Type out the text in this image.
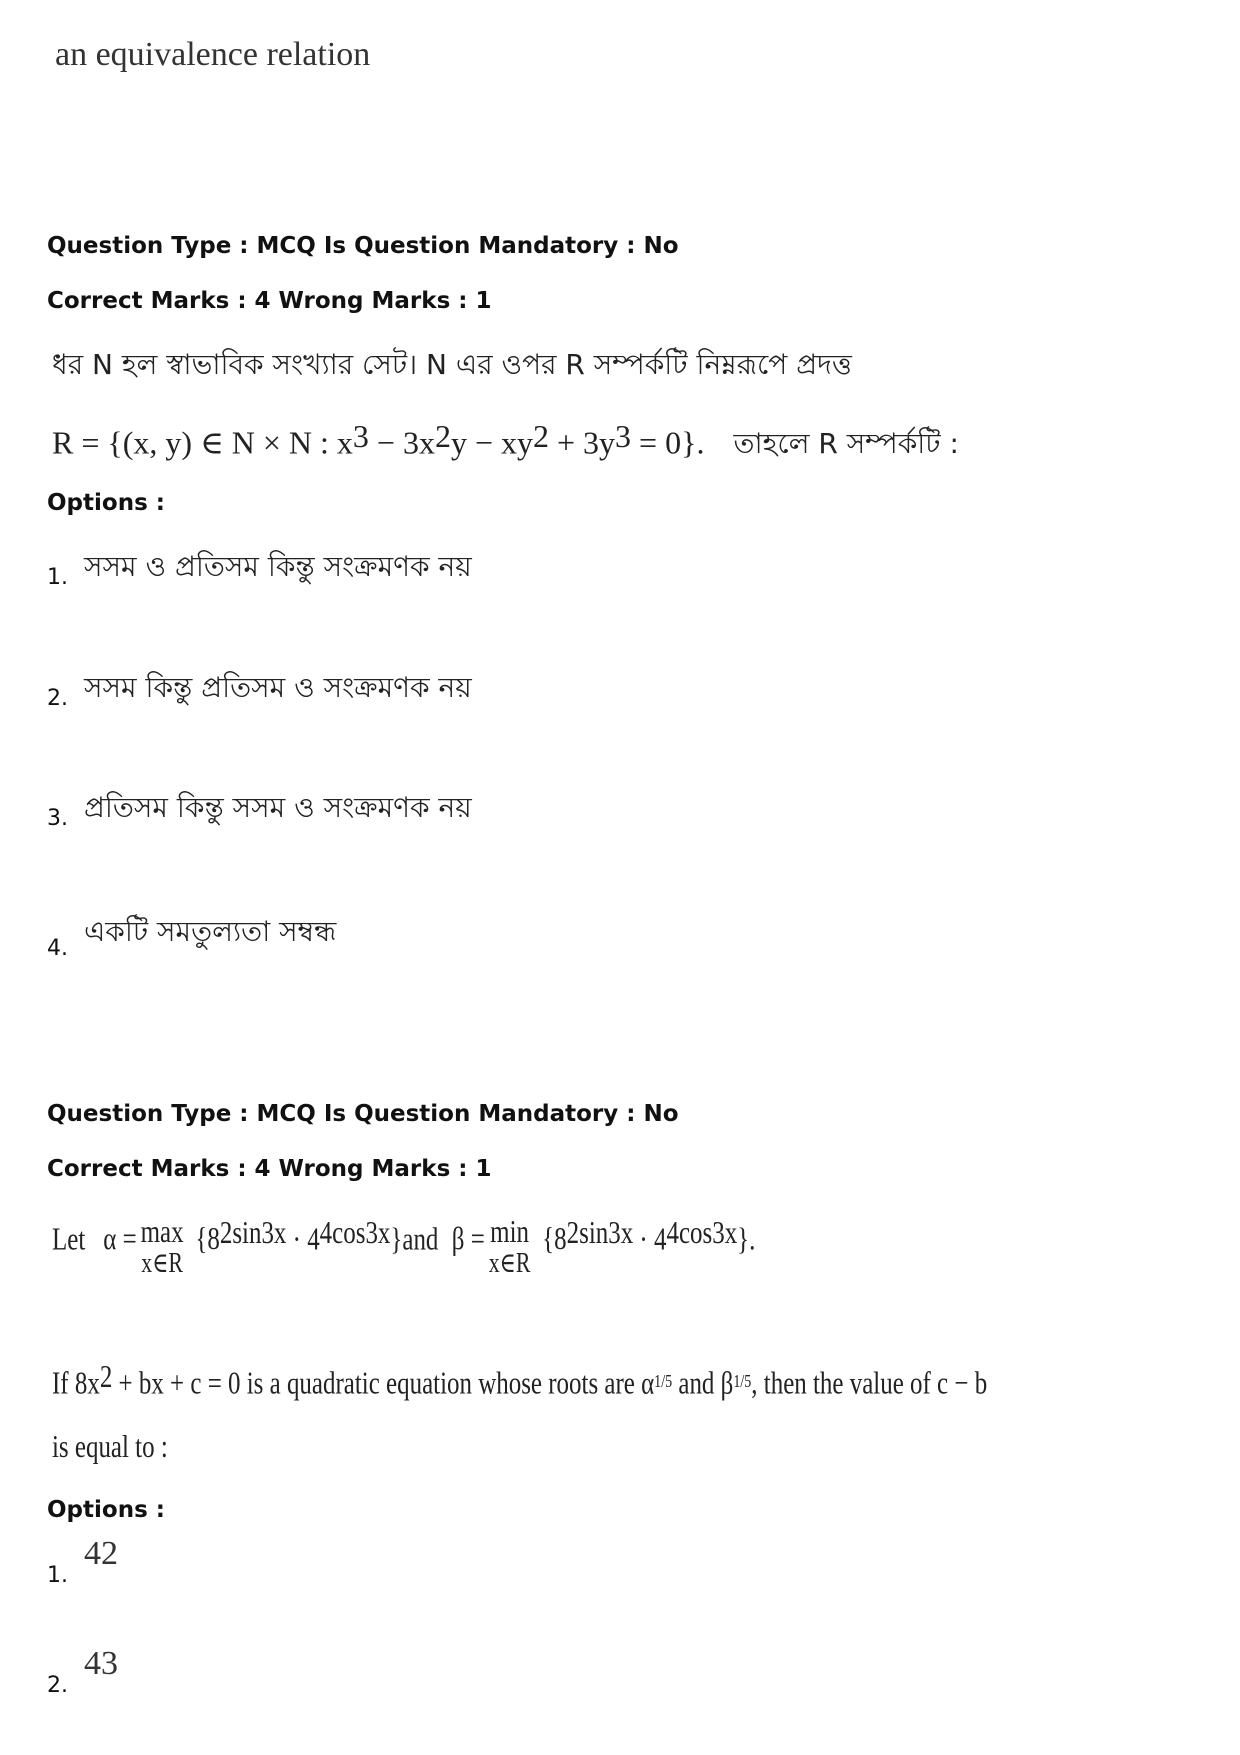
an equivalence relation
Question Type : MCQ Is Question Mandatory : No
Correct Marks : 4 Wrong Marks : 1
ধর N হল স্বাভাবিক সংখ্যার সেট। N এর ওপর R সম্পর্কটি নিম্নরূপে প্রদত্ত
R = {(x, y) ∈ N × N : $x^3 - 3x^2y - xy^2 + 3y^3 = 0$}. তাহলে R সম্পর্কটি :
Options :
1. সসম ও প্রতিসম কিন্তু সংক্রমণক নয়
2. সসম কিন্তু প্রতিসম ও সংক্রমণক নয়
3. প্রতিসম কিন্তু সসম ও সংক্রমণক নয়
4.
একটি সমতুল্যতা সম্বন্ধ
Question Type : MCQ Is Question Mandatory : No
Correct Marks : 4 Wrong Marks : 1
Let α = max
x∈R
$\{8^{2sin3x} \cdot 4^{4cos3x}\}and$ β = min
x∈R
$\{8^{2sin3x} \cdot 4^{4cos3x}\}$.
If $8x^2$ + bx + c = 0 is a quadratic equation whose roots are α1/5 and β1/5, then the value of c − b
is equal to :
Options :
1.
42
2.
43
